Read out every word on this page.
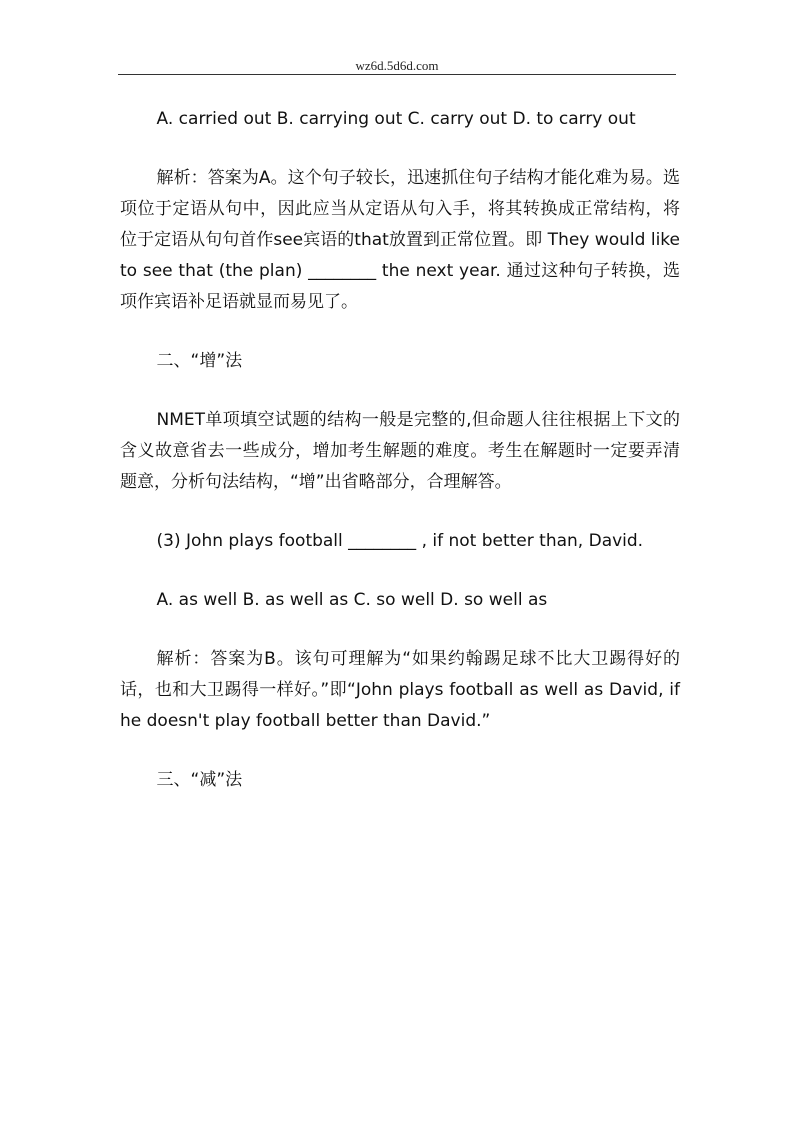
wz6d.5d6d.com

A. carried out B. carrying out C. carry out D. to carry out

解析：答案为A。这个句子较长，迅速抓住句子结构才能化难为易。选项位于定语从句中，因此应当从定语从句入手，将其转换成正常结构，将位于定语从句句首作see宾语的that放置到正常位置。即 They would like to see that (the plan) ________ the next year. 通过这种句子转换，选项作宾语补足语就显而易见了。

二、“增”法

NMET单项填空试题的结构一般是完整的,但命题人往往根据上下文的含义故意省去一些成分，增加考生解题的难度。考生在解题时一定要弄清题意，分析句法结构，“增”出省略部分，合理解答。

(3) John plays football ________ , if not better than, David.

A. as well B. as well as C. so well D. so well as

解析：答案为B。该句可理解为“如果约翰踢足球不比大卫踢得好的话，也和大卫踢得一样好。”即“John plays football as well as David, if he doesn't play football better than David.”

三、“减”法
